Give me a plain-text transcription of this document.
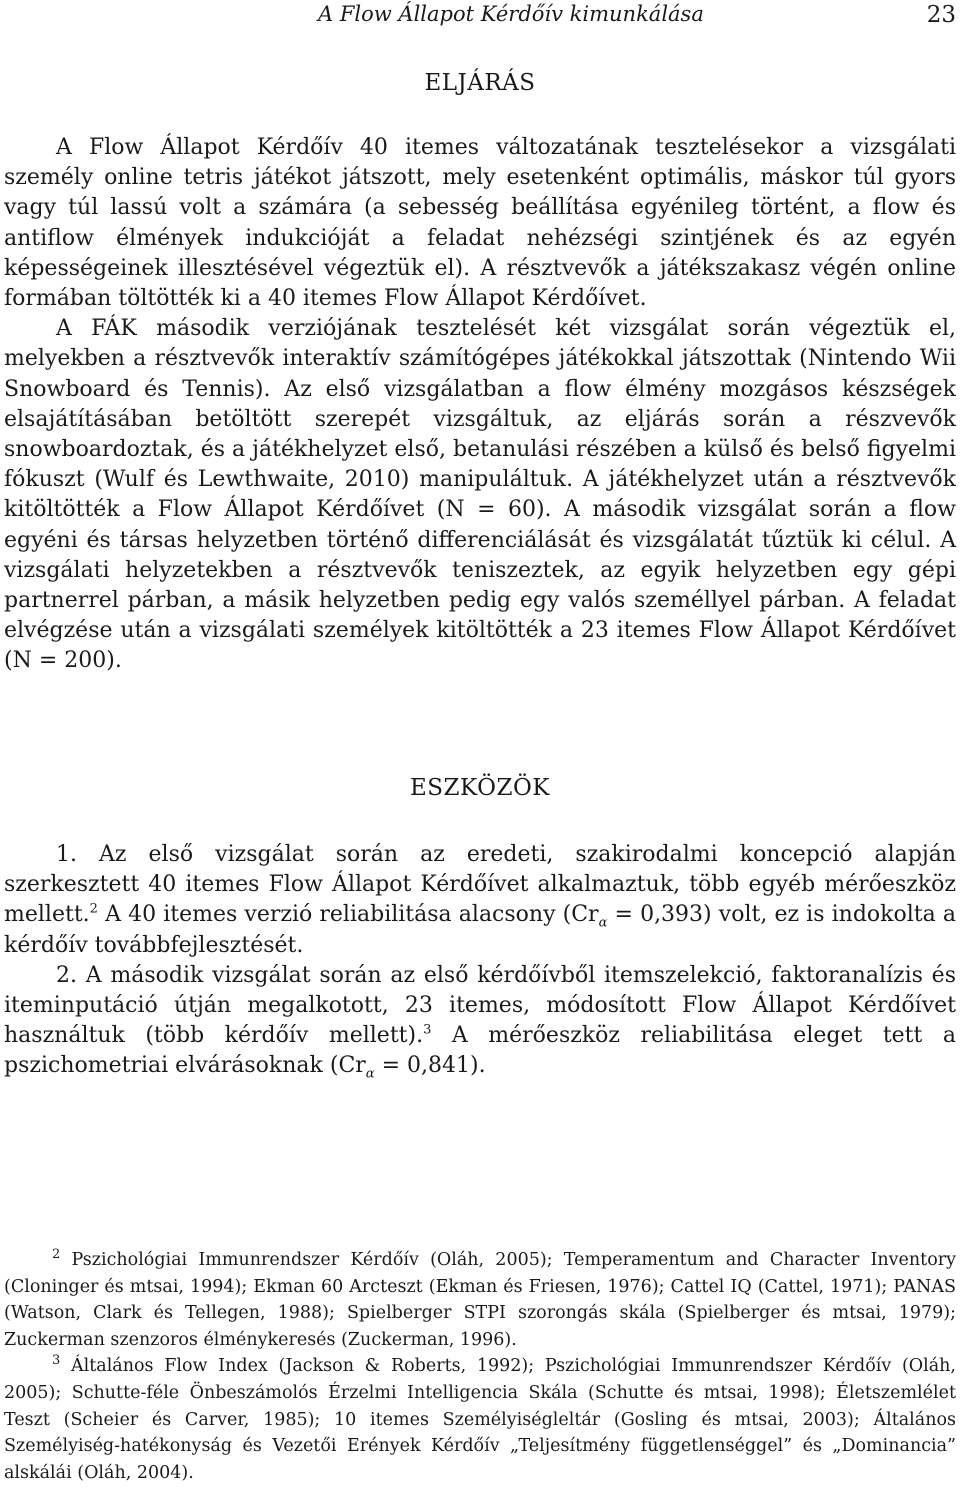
A Flow Állapot Kérdőív kimunkálása	23
ELJÁRÁS

A Flow Állapot Kérdőív 40 itemes változatának tesztelésekor a vizsgálati személy online tetris játékot játszott, mely esetenként optimális, máskor túl gyors vagy túl lassú volt a számára (a sebesség beállítása egyénileg történt, a flow és antiflow élmények indukcióját a feladat nehézségi szintjének és az egyén képességeinek illesztésével végeztük el). A résztvevők a játékszakasz végén online formában töltötték ki a 40 itemes Flow Állapot Kérdőívet.

A FÁK második verziójának tesztelését két vizsgálat során végeztük el, melyekben a résztvevők interaktív számítógépes játékokkal játszottak (Nintendo Wii Snowboard és Tennis). Az első vizsgálatban a flow élmény mozgásos készségek elsajátításában betöltött szerepét vizsgáltuk, az eljárás során a részvevők snowboardoztak, és a játékhelyzet első, betanulási részében a külső és belső figyelmi fókuszt (Wulf és Lewthwaite, 2010) manipuláltuk. A játékhelyzet után a résztvevők kitöltötték a Flow Állapot Kérdőívet (N = 60). A második vizsgálat során a flow egyéni és társas helyzetben történő differenciálását és vizsgálatát tűztük ki célul. A vizsgálati helyzetekben a résztvevők teniszeztek, az egyik helyzetben egy gépi partnerrel párban, a másik helyzetben pedig egy valós személlyel párban. A feladat elvégzése után a vizsgálati személyek kitöltötték a 23 itemes Flow Állapot Kérdőívet (N = 200).

ESZKÖZÖK

1. Az első vizsgálat során az eredeti, szakirodalmi koncepció alapján szerkesztett 40 itemes Flow Állapot Kérdőívet alkalmaztuk, több egyéb mérőeszköz mellett.$^2$ A 40 itemes verzió reliabilitása alacsony $(Cr_\alpha = 0,393)$ volt, ez is indokolta a kérdőív továbbfejlesztését.

2. A második vizsgálat során az első kérdőívből itemszelekció, faktoranalízis és iteminputáció útján megalkotott, 23 itemes, módosított Flow Állapot Kérdőívet használtuk (több kérdőív mellett).$^3$ A mérőeszköz reliabilitása eleget tett a pszichometriai elvárásoknak $(Cr_\alpha = 0,841)$.

$^2$ Pszichológiai Immunrendszer Kérdőív (Oláh, 2005); Temperamentum and Character Inventory (Cloninger és mtsai, 1994); Ekman 60 Arcteszt (Ekman és Friesen, 1976); Cattel IQ (Cattel, 1971); PANAS (Watson, Clark és Tellegen, 1988); Spielberger STPI szorongás skála (Spielberger és mtsai, 1979); Zuckerman szenzoros élménykeresés (Zuckerman, 1996).

$^3$ Általános Flow Index (Jackson & Roberts, 1992); Pszichológiai Immunrendszer Kérdőív (Oláh, 2005); Schutte-féle Önbeszámolós Érzelmi Intelligencia Skála (Schutte és mtsai, 1998); Életszemlélet Teszt (Scheier és Carver, 1985); 10 itemes Személyiségleltár (Gosling és mtsai, 2003); Általános Személyiség-hatékonyság és Vezetői Erények Kérdőív „Teljesítmény függetlenséggel” és „Dominancia” alskálái (Oláh, 2004).
